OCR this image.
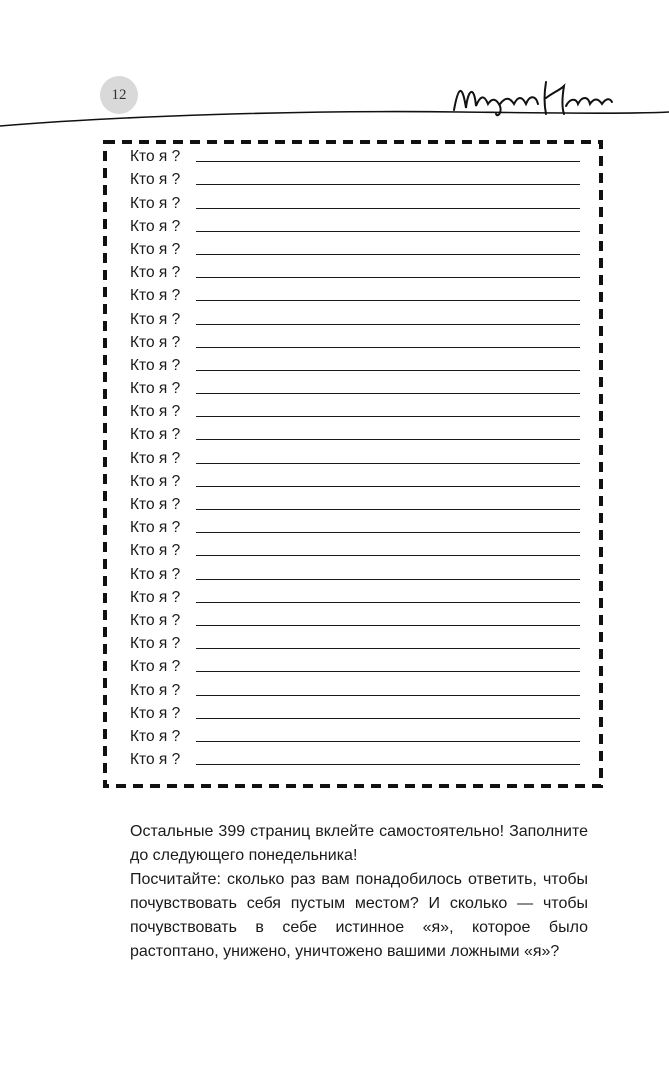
12
Кто я ?
Кто я ?
Кто я ?
Кто я ?
Кто я ?
Кто я ?
Кто я ?
Кто я ?
Кто я ?
Кто я ?
Кто я ?
Кто я ?
Кто я ?
Кто я ?
Кто я ?
Кто я ?
Кто я ?
Кто я ?
Кто я ?
Кто я ?
Кто я ?
Кто я ?
Кто я ?
Кто я ?
Кто я ?
Кто я ?
Кто я ?

Остальные 399 страниц вклейте самостоятельно! Заполните до следующего понедельника!

Посчитайте: сколько раз вам понадобилось ответить, чтобы почувствовать себя пустым местом? И сколько — чтобы почувствовать в себе истинное «я», которое было растоптано, унижено, уничтожено вашими ложными «я»?
